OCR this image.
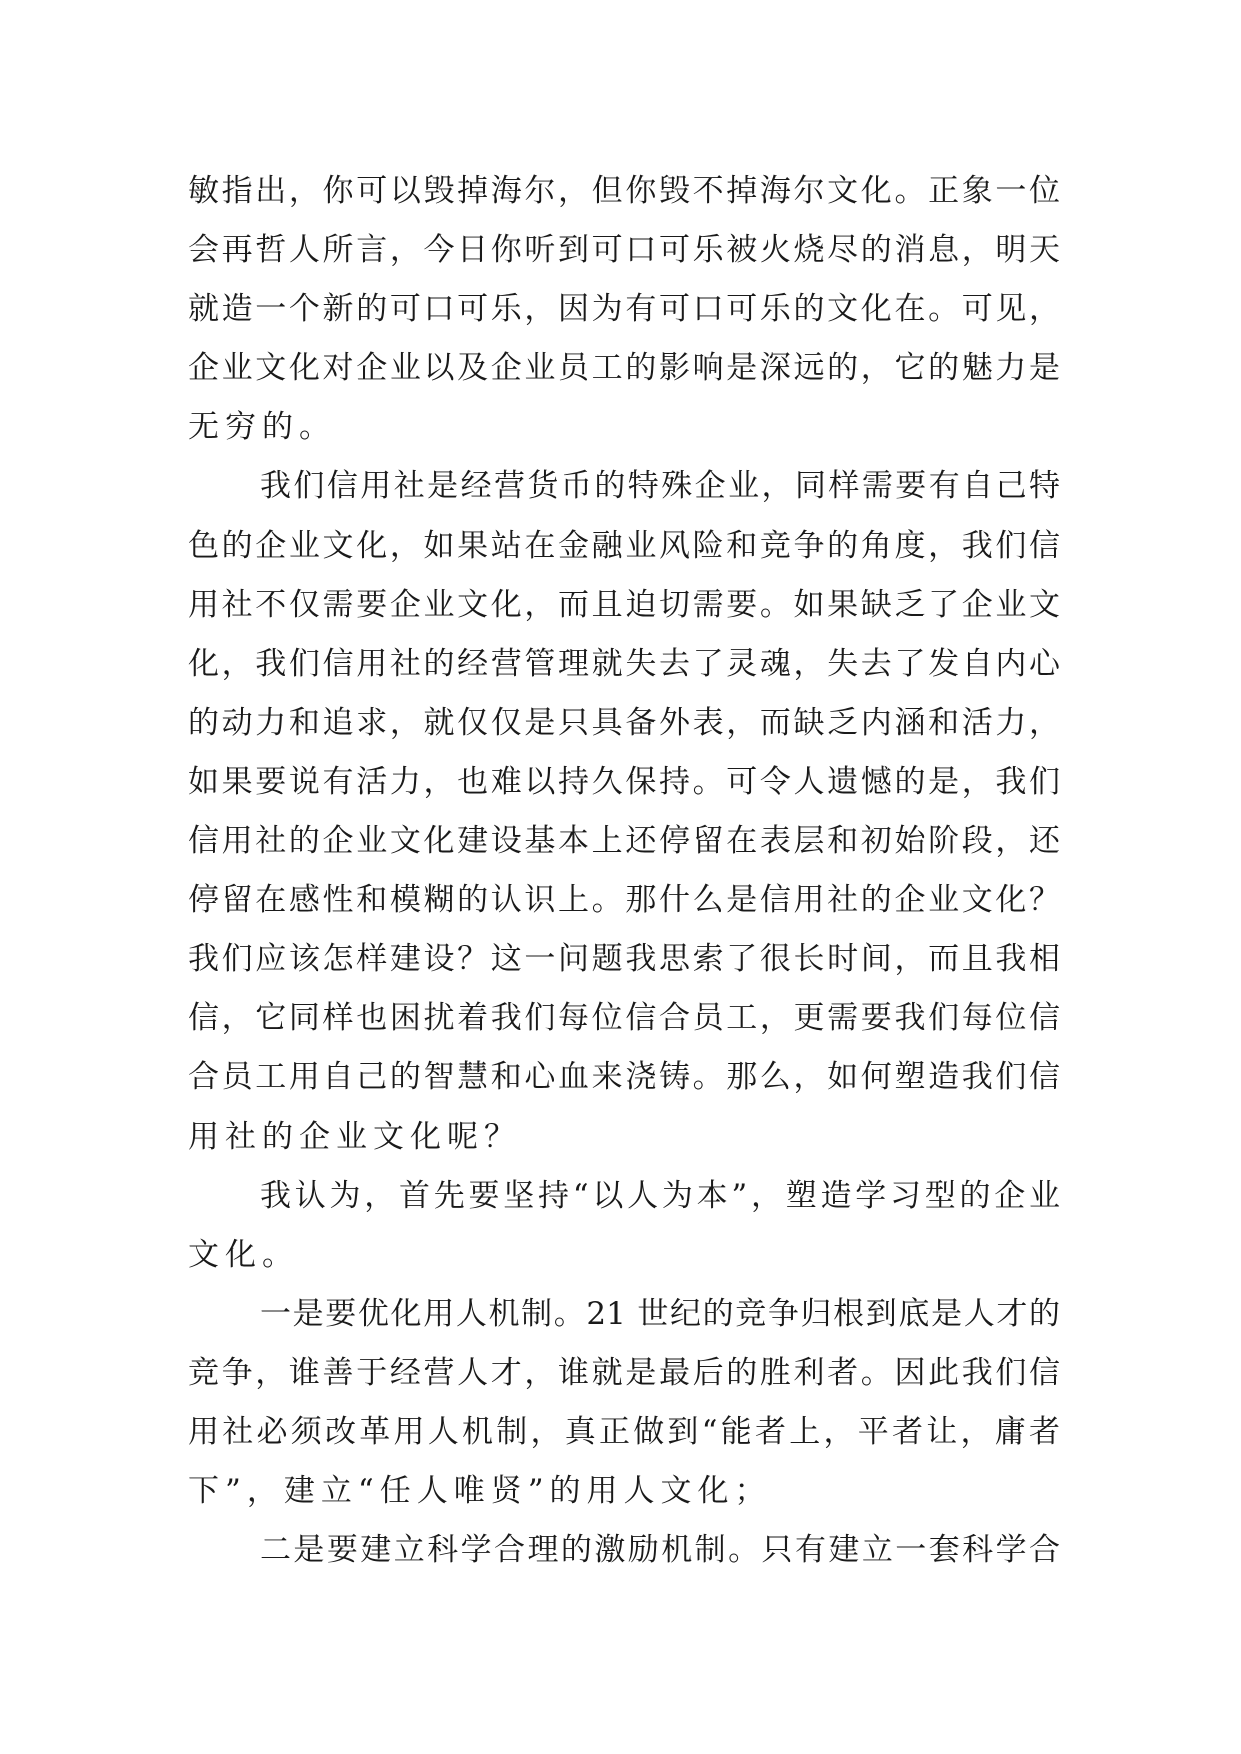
敏指出，你可以毁掉海尔，但你毁不掉海尔文化。正象一位
会再哲人所言，今日你听到可口可乐被火烧尽的消息，明天
就造一个新的可口可乐，因为有可口可乐的文化在。可见，
企业文化对企业以及企业员工的影响是深远的，它的魅力是
无穷的。
我们信用社是经营货币的特殊企业，同样需要有自己特
色的企业文化，如果站在金融业风险和竞争的角度，我们信
用社不仅需要企业文化，而且迫切需要。如果缺乏了企业文
化，我们信用社的经营管理就失去了灵魂，失去了发自内心
的动力和追求，就仅仅是只具备外表，而缺乏内涵和活力，
如果要说有活力，也难以持久保持。可令人遗憾的是，我们
信用社的企业文化建设基本上还停留在表层和初始阶段，还
停留在感性和模糊的认识上。那什么是信用社的企业文化？
我们应该怎样建设？这一问题我思索了很长时间，而且我相
信，它同样也困扰着我们每位信合员工，更需要我们每位信
合员工用自己的智慧和心血来浇铸。那么，如何塑造我们信
用社的企业文化呢？
我认为，首先要坚持“以人为本”，塑造学习型的企业
文化。
一是要优化用人机制。21 世纪的竞争归根到底是人才的
竞争，谁善于经营人才，谁就是最后的胜利者。因此我们信
用社必须改革用人机制，真正做到“能者上，平者让，庸者
下”，建立“任人唯贤”的用人文化；
二是要建立科学合理的激励机制。只有建立一套科学合
